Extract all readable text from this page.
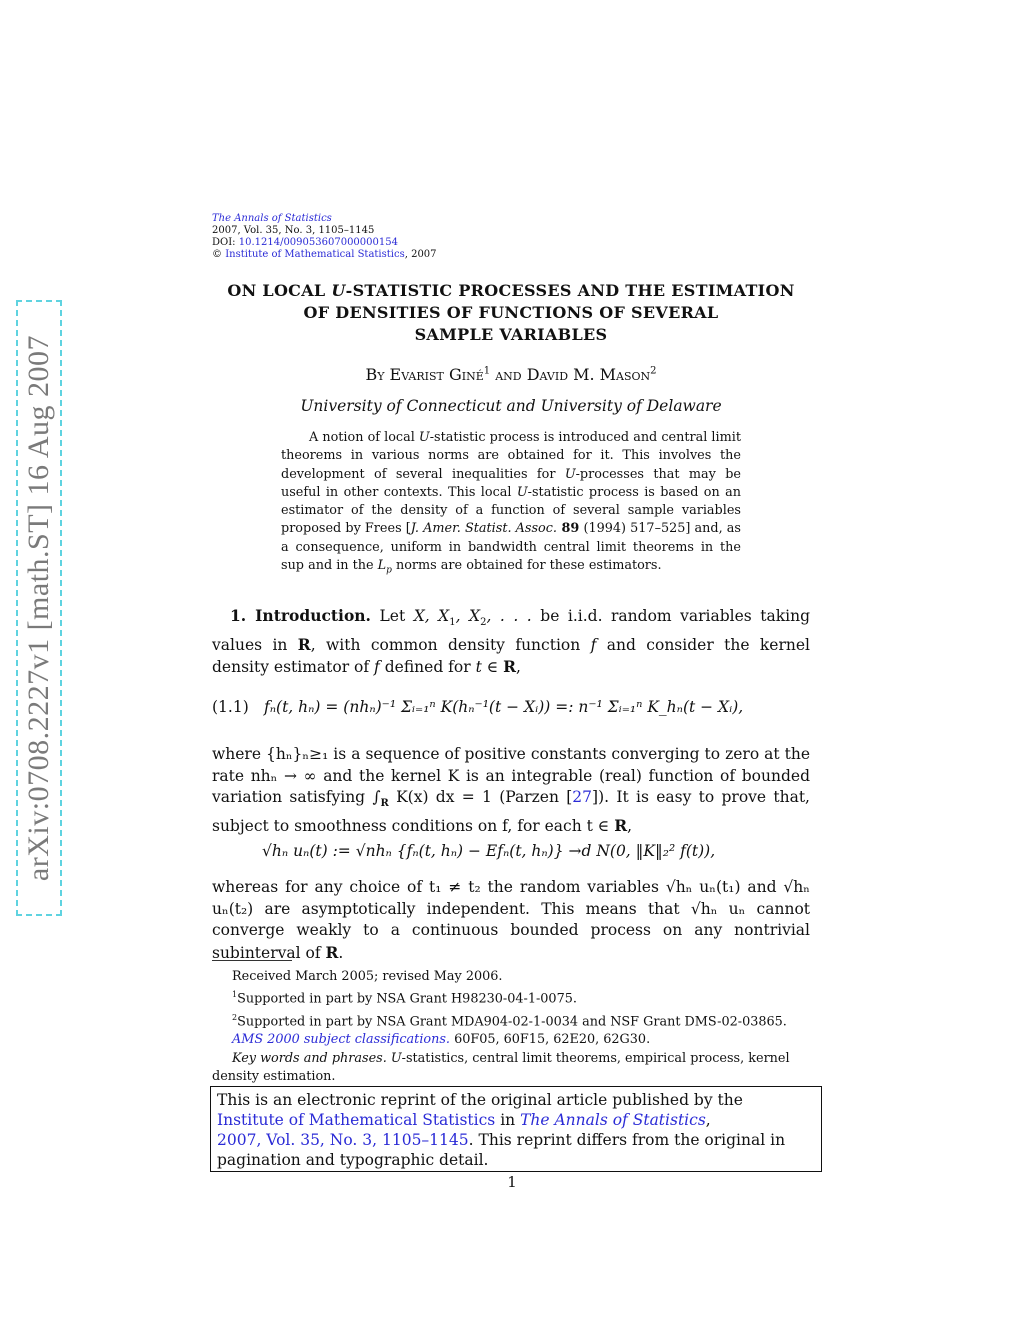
arXiv:0708.2227v1 [math.ST] 16 Aug 2007
The Annals of Statistics
2007, Vol. 35, No. 3, 1105–1145
DOI: 10.1214/009053607000000154
© Institute of Mathematical Statistics, 2007
ON LOCAL U-STATISTIC PROCESSES AND THE ESTIMATION
OF DENSITIES OF FUNCTIONS OF SEVERAL
SAMPLE VARIABLES
By Evarist Giné$^1$ and David M. Mason$^2$
University of Connecticut and University of Delaware

A notion of local U-statistic process is introduced and central limit theorems in various norms are obtained for it. This involves the development of several inequalities for U-processes that may be useful in other contexts. This local U-statistic process is based on an estimator of the density of a function of several sample variables proposed by Frees [J. Amer. Statist. Assoc. 89 (1994) 517–525] and, as a consequence, uniform in bandwidth central limit theorems in the sup and in the $L_p$ norms are obtained for these estimators.

1. Introduction. Let X, $X_1$, $X_2$, . . . be i.i.d. random variables taking values in R, with common density function f and consider the kernel density estimator of f defined for t ∈ R,

(1.1) fₙ(t, hₙ) = (nhₙ)⁻¹ Σᵢ₌₁ⁿ K(hₙ⁻¹(t − Xᵢ)) =: n⁻¹ Σᵢ₌₁ⁿ K_hₙ(t − Xᵢ),

where {hₙ}ₙ≥₁ is a sequence of positive constants converging to zero at the rate nhₙ → ∞ and the kernel K is an integrable (real) function of bounded variation satisfying $\int_R$ K(x) dx = 1 (Parzen [27]). It is easy to prove that, subject to smoothness conditions on f, for each t ∈ R,

√hₙ uₙ(t) := √nhₙ {fₙ(t, hₙ) − Efₙ(t, hₙ)} →d N(0, ‖K‖₂² f(t)),

whereas for any choice of t₁ ≠ t₂ the random variables √hₙ uₙ(t₁) and √hₙ uₙ(t₂) are asymptotically independent. This means that √hₙ uₙ cannot converge weakly to a continuous bounded process on any nontrivial subinterval of R.

Received March 2005; revised May 2006.

$^1$Supported in part by NSA Grant H98230-04-1-0075.

$^2$Supported in part by NSA Grant MDA904-02-1-0034 and NSF Grant DMS-02-03865.

AMS 2000 subject classifications. 60F05, 60F15, 62E20, 62G30.

Key words and phrases. U-statistics, central limit theorems, empirical process, kernel density estimation.

This is an electronic reprint of the original article published by the
Institute of Mathematical Statistics in The Annals of Statistics,
2007, Vol. 35, No. 3, 1105–1145. This reprint differs from the original in
pagination and typographic detail.
1
